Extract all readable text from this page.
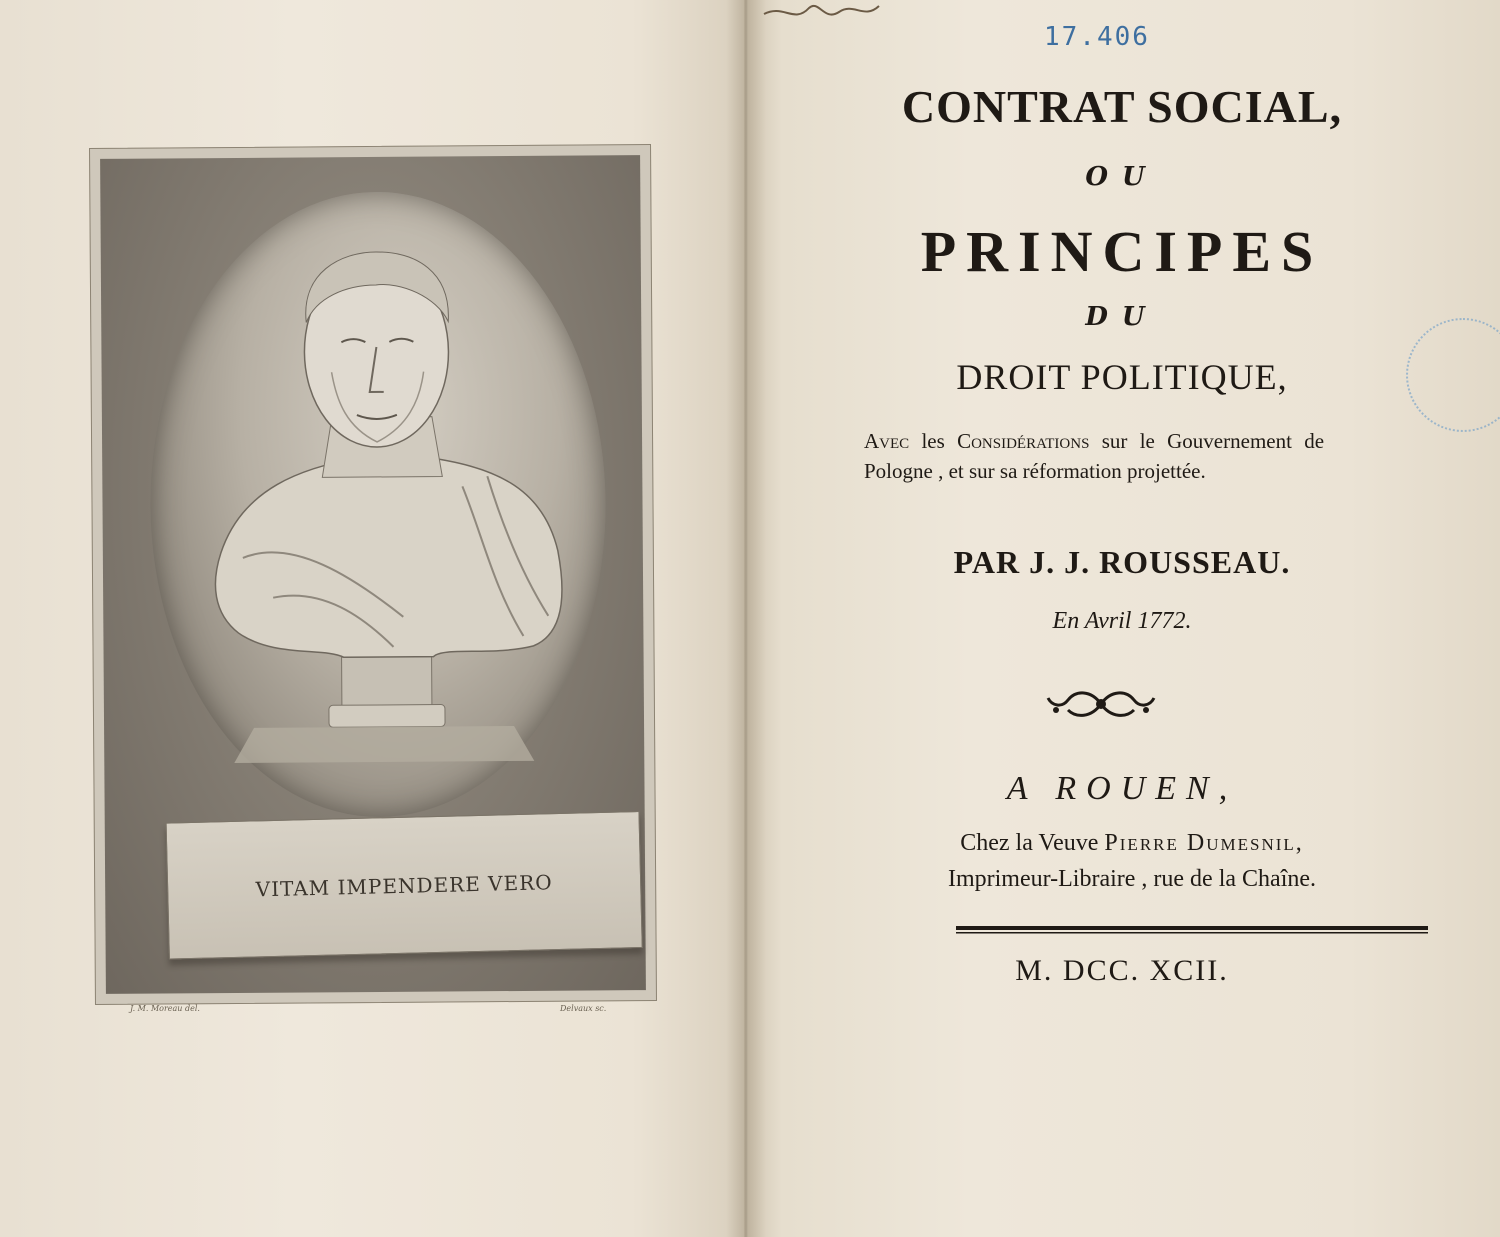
VITAM IMPENDERE VERO
J. M. Moreau del.	Delvaux sc.
17.406
CONTRAT SOCIAL,
OU
PRINCIPES
DU
DROIT POLITIQUE,
Avec les Considérations sur le Gouvernement de Pologne , et sur sa réformation projettée.
PAR J. J. ROUSSEAU.
En Avril 1772.
A ROUEN,
Chez la Veuve Pierre Dumesnil,
Imprimeur-Libraire , rue de la Chaîne.
M. DCC. XCII.
